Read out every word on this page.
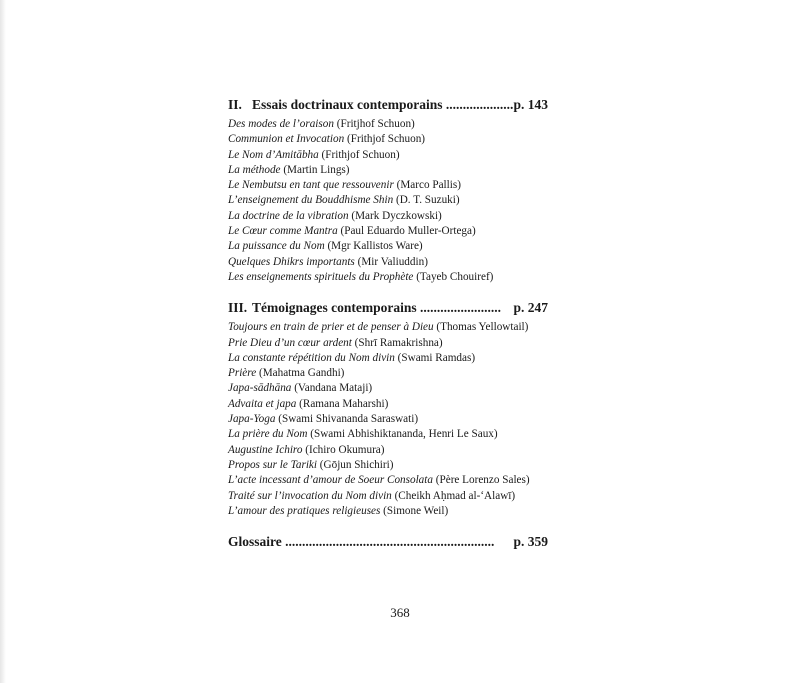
II. Essais doctrinaux contemporains .................... p. 143
Des modes de l’oraison (Fritjhof Schuon)
Communion et Invocation (Frithjof Schuon)
Le Nom d’Amitābha (Frithjof Schuon)
La méthode (Martin Lings)
Le Nembutsu en tant que ressouvenir (Marco Pallis)
L’enseignement du Bouddhisme Shin (D. T. Suzuki)
La doctrine de la vibration (Mark Dyczkowski)
Le Cœur comme Mantra (Paul Eduardo Muller-Ortega)
La puissance du Nom (Mgr Kallistos Ware)
Quelques Dhikrs importants (Mir Valiuddin)
Les enseignements spirituels du Prophète (Tayeb Chouiref)
III. Témoignages contemporains ........................ p. 247
Toujours en train de prier et de penser à Dieu (Thomas Yellowtail)
Prie Dieu d’un cœur ardent (Shrī Ramakrishna)
La constante répétition du Nom divin (Swami Ramdas)
Prière (Mahatma Gandhi)
Japa-sādhāna (Vandana Mataji)
Advaita et japa (Ramana Maharshi)
Japa-Yoga (Swami Shivananda Saraswati)
La prière du Nom (Swami Abhishiktananda, Henri Le Saux)
Augustine Ichiro (Ichiro Okumura)
Propos sur le Tariki (Gōjun Shichiri)
L’acte incessant d’amour de Soeur Consolata (Père Lorenzo Sales)
Traité sur l’invocation du Nom divin (Cheikh Aḥmad al-‘Alawī)
L’amour des pratiques religieuses (Simone Weil)
Glossaire .............................................................. p. 359
368
